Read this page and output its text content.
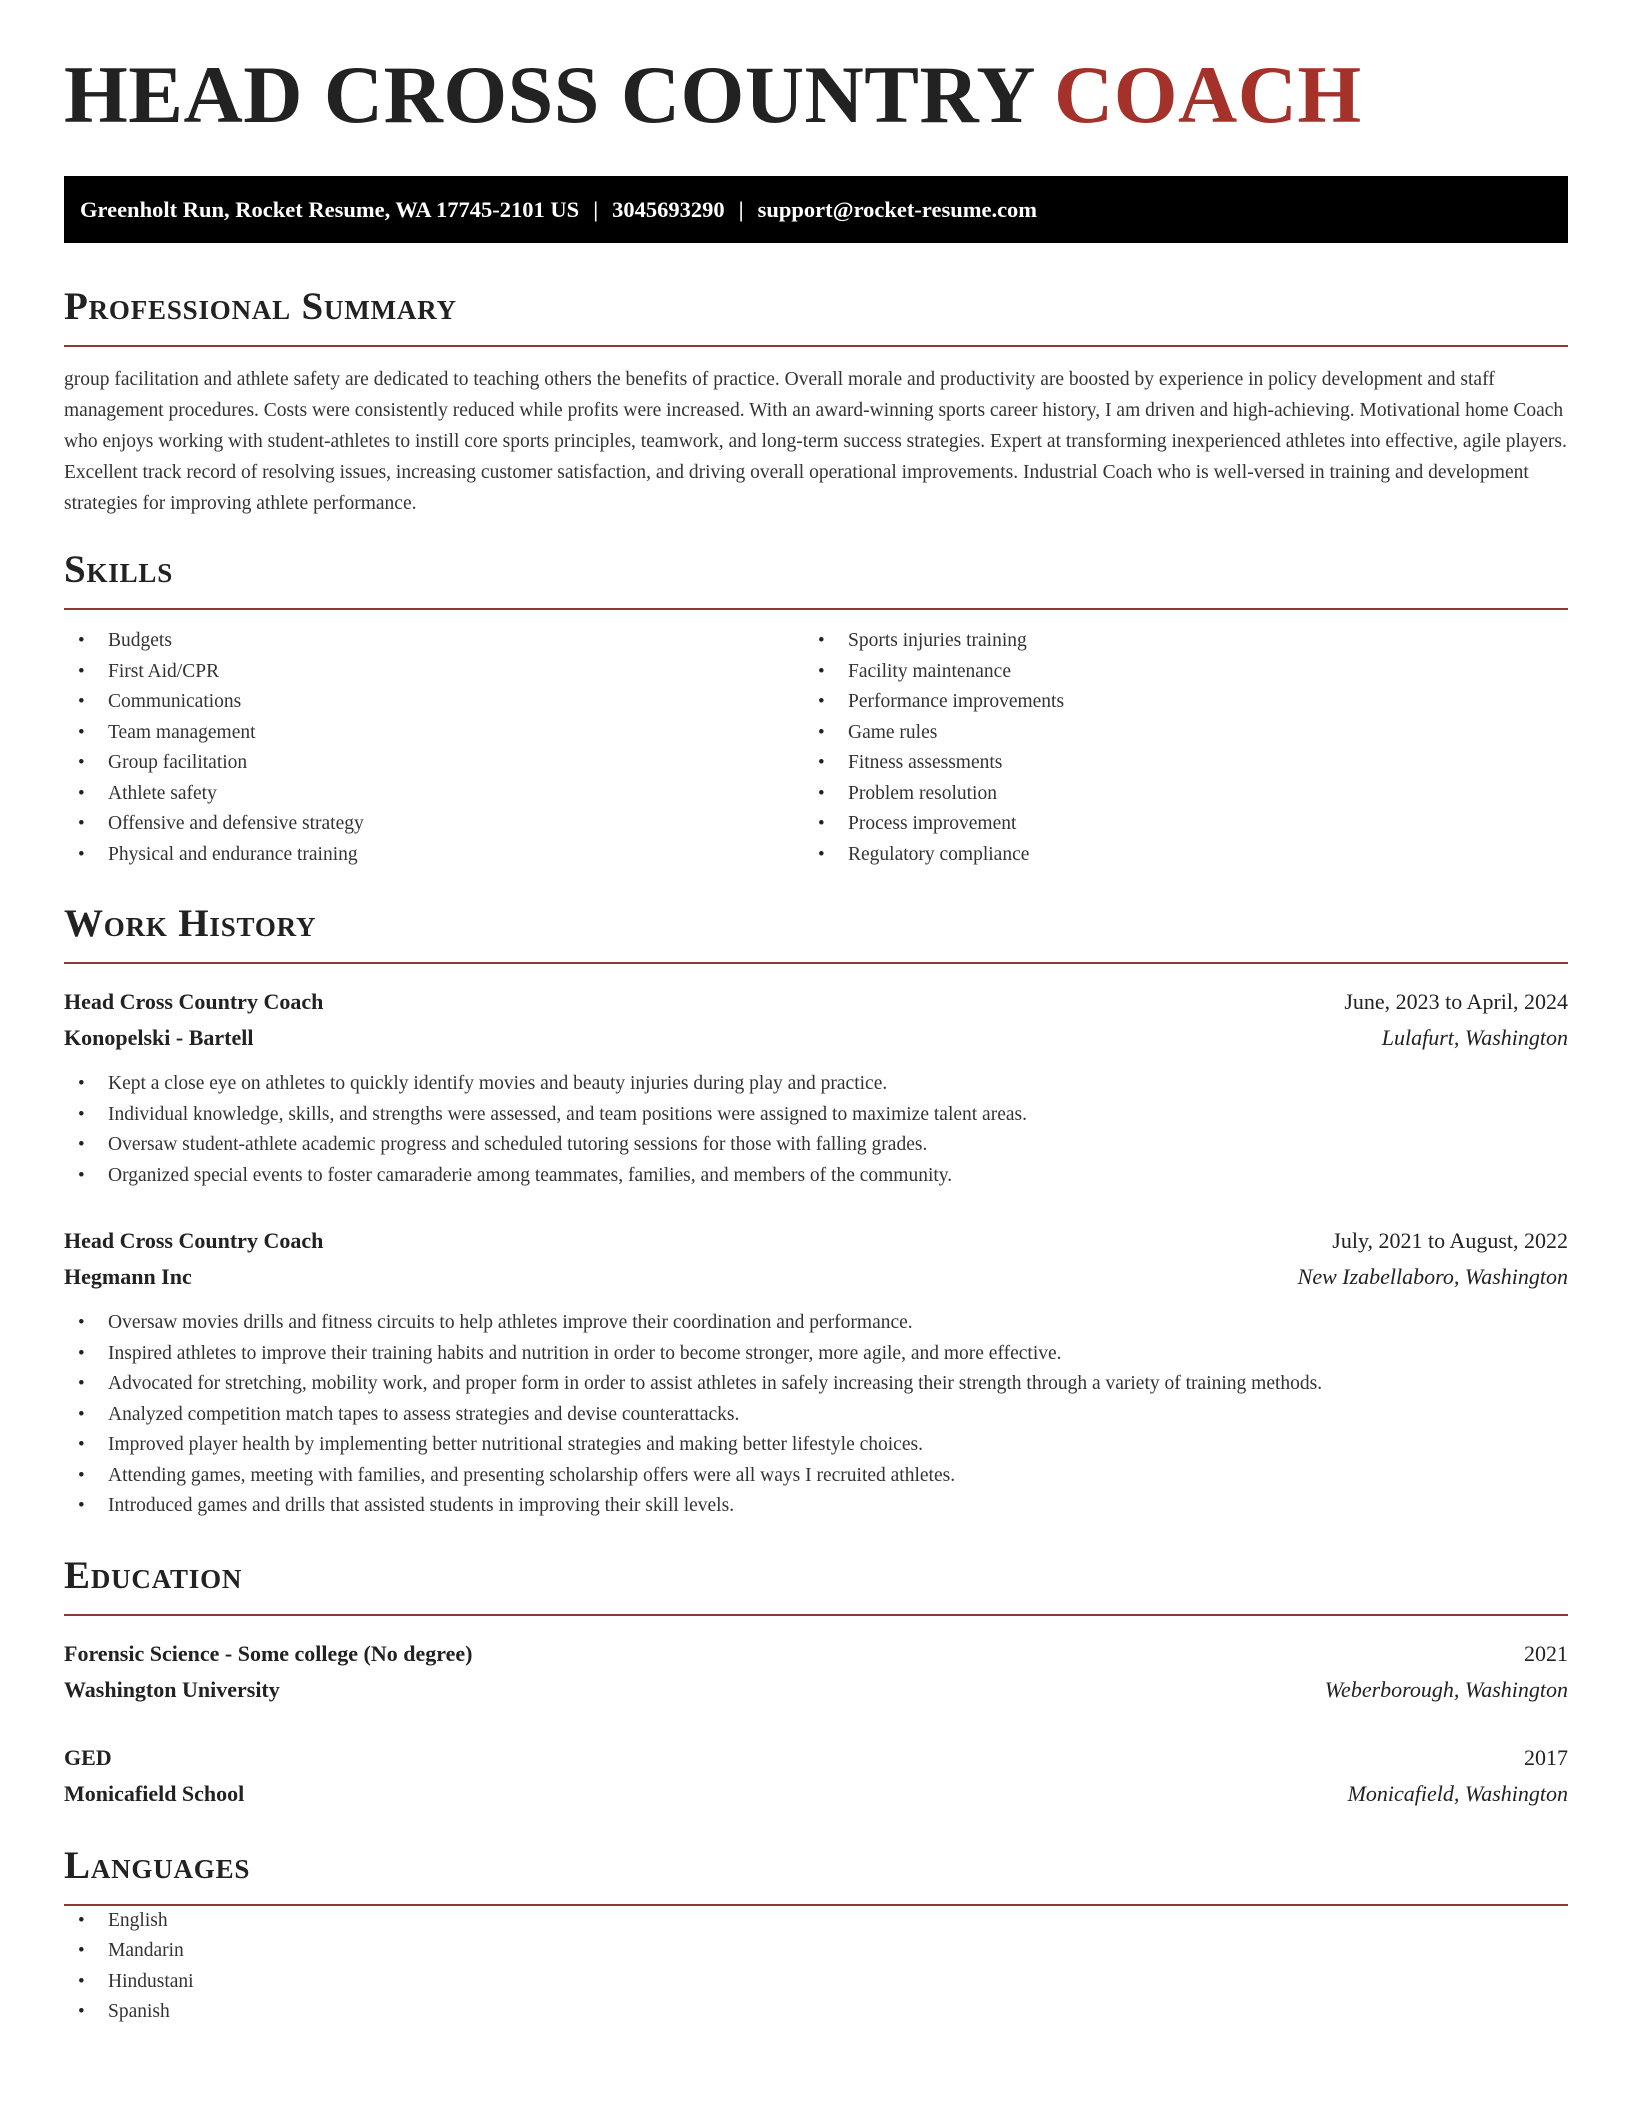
HEAD CROSS COUNTRY COACH
Greenholt Run, Rocket Resume, WA 17745-2101 US | 3045693290 | support@rocket-resume.com
Professional Summary

group facilitation and athlete safety are dedicated to teaching others the benefits of practice. Overall morale and productivity are boosted by experience in policy development and staff management procedures. Costs were consistently reduced while profits were increased. With an award-winning sports career history, I am driven and high-achieving. Motivational home Coach who enjoys working with student-athletes to instill core sports principles, teamwork, and long-term success strategies. Expert at transforming inexperienced athletes into effective, agile players. Excellent track record of resolving issues, increasing customer satisfaction, and driving overall operational improvements. Industrial Coach who is well-versed in training and development strategies for improving athlete performance.

Skills
• Budgets
• First Aid/CPR
• Communications
• Team management
• Group facilitation
• Athlete safety
• Offensive and defensive strategy
• Physical and endurance training
• Sports injuries training
• Facility maintenance
• Performance improvements
• Game rules
• Fitness assessments
• Problem resolution
• Process improvement
• Regulatory compliance
Work History
Head Cross Country Coach	June, 2023 to April, 2024
Konopelski - Bartell	Lulafurt, Washington
• Kept a close eye on athletes to quickly identify movies and beauty injuries during play and practice.
• Individual knowledge, skills, and strengths were assessed, and team positions were assigned to maximize talent areas.
• Oversaw student-athlete academic progress and scheduled tutoring sessions for those with falling grades.
• Organized special events to foster camaraderie among teammates, families, and members of the community.
Head Cross Country Coach	July, 2021 to August, 2022
Hegmann Inc	New Izabellaboro, Washington
• Oversaw movies drills and fitness circuits to help athletes improve their coordination and performance.
• Inspired athletes to improve their training habits and nutrition in order to become stronger, more agile, and more effective.
• Advocated for stretching, mobility work, and proper form in order to assist athletes in safely increasing their strength through a variety of training methods.
• Analyzed competition match tapes to assess strategies and devise counterattacks.
• Improved player health by implementing better nutritional strategies and making better lifestyle choices.
• Attending games, meeting with families, and presenting scholarship offers were all ways I recruited athletes.
• Introduced games and drills that assisted students in improving their skill levels.
Education
Forensic Science - Some college (No degree)	2021
Washington University	Weberborough, Washington
GED	2017
Monicafield School	Monicafield, Washington
Languages
• English
• Mandarin
• Hindustani
• Spanish
